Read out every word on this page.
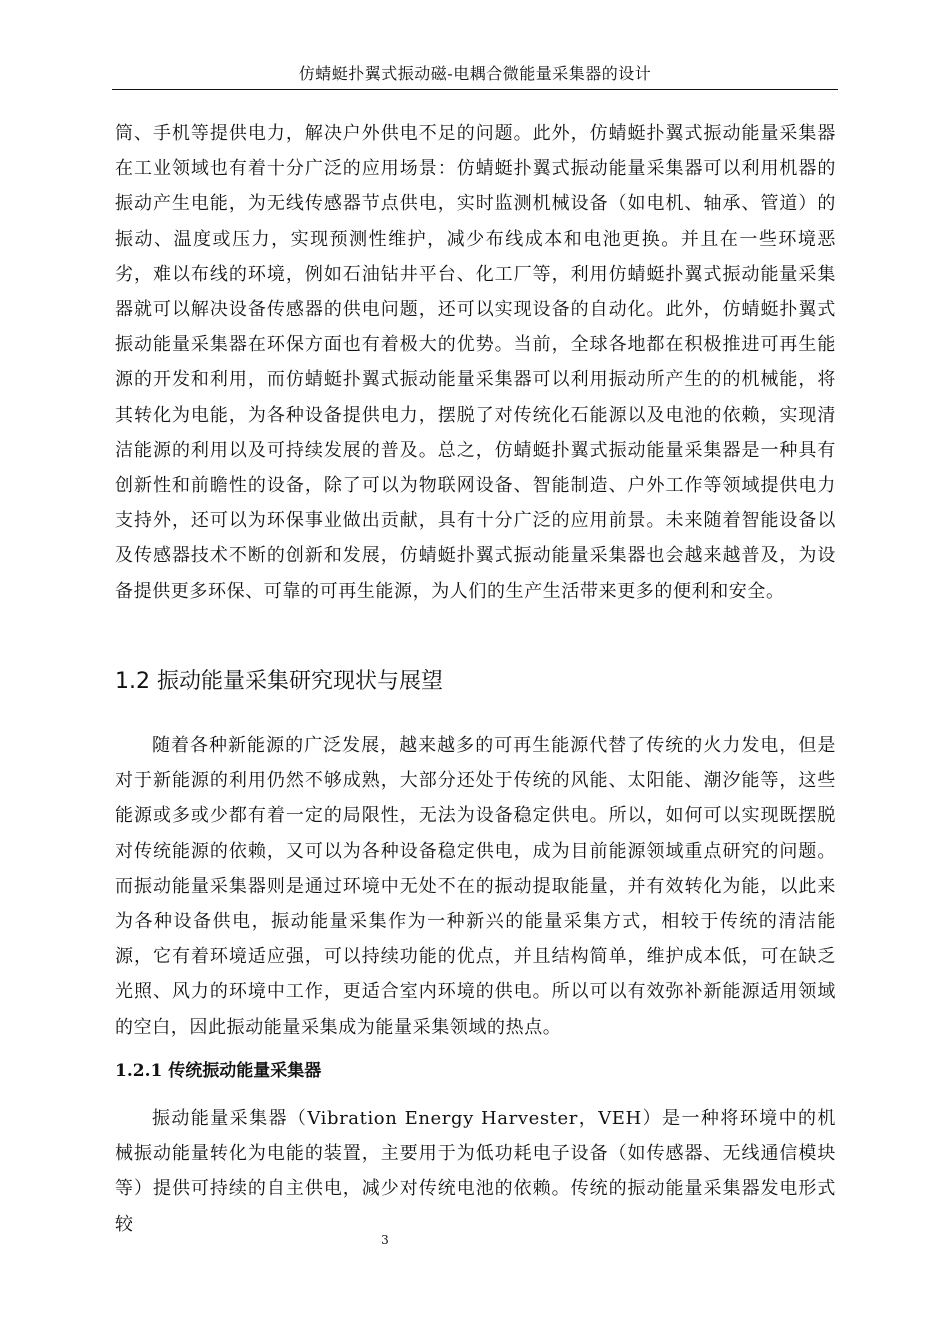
仿蜻蜓扑翼式振动磁-电耦合微能量采集器的设计

筒、手机等提供电力，解决户外供电不足的问题。此外，仿蜻蜓扑翼式振动能量采集器在工业领域也有着十分广泛的应用场景：仿蜻蜓扑翼式振动能量采集器可以利用机器的振动产生电能，为无线传感器节点供电，实时监测机械设备（如电机、轴承、管道）的振动、温度或压力，实现预测性维护，减少布线成本和电池更换。并且在一些环境恶劣，难以布线的环境，例如石油钻井平台、化工厂等，利用仿蜻蜓扑翼式振动能量采集器就可以解决设备传感器的供电问题，还可以实现设备的自动化。此外，仿蜻蜓扑翼式振动能量采集器在环保方面也有着极大的优势。当前，全球各地都在积极推进可再生能源的开发和利用，而仿蜻蜓扑翼式振动能量采集器可以利用振动所产生的的机械能，将其转化为电能，为各种设备提供电力，摆脱了对传统化石能源以及电池的依赖，实现清洁能源的利用以及可持续发展的普及。总之，仿蜻蜓扑翼式振动能量采集器是一种具有创新性和前瞻性的设备，除了可以为物联网设备、智能制造、户外工作等领域提供电力支持外，还可以为环保事业做出贡献，具有十分广泛的应用前景。未来随着智能设备以及传感器技术不断的创新和发展，仿蜻蜓扑翼式振动能量采集器也会越来越普及，为设备提供更多环保、可靠的可再生能源，为人们的生产生活带来更多的便利和安全。

1.2 振动能量采集研究现状与展望

随着各种新能源的广泛发展，越来越多的可再生能源代替了传统的火力发电，但是对于新能源的利用仍然不够成熟，大部分还处于传统的风能、太阳能、潮汐能等，这些能源或多或少都有着一定的局限性，无法为设备稳定供电。所以，如何可以实现既摆脱对传统能源的依赖，又可以为各种设备稳定供电，成为目前能源领域重点研究的问题。而振动能量采集器则是通过环境中无处不在的振动提取能量，并有效转化为能，以此来为各种设备供电，振动能量采集作为一种新兴的能量采集方式，相较于传统的清洁能源，它有着环境适应强，可以持续功能的优点，并且结构简单，维护成本低，可在缺乏光照、风力的环境中工作，更适合室内环境的供电。所以可以有效弥补新能源适用领域的空白，因此振动能量采集成为能量采集领域的热点。

1.2.1 传统振动能量采集器

振动能量采集器（Vibration Energy Harvester，VEH）是一种将环境中的机械振动能量转化为电能的装置，主要用于为低功耗电子设备（如传感器、无线通信模块等）提供可持续的自主供电，减少对传统电池的依赖。传统的振动能量采集器发电形式较

3
